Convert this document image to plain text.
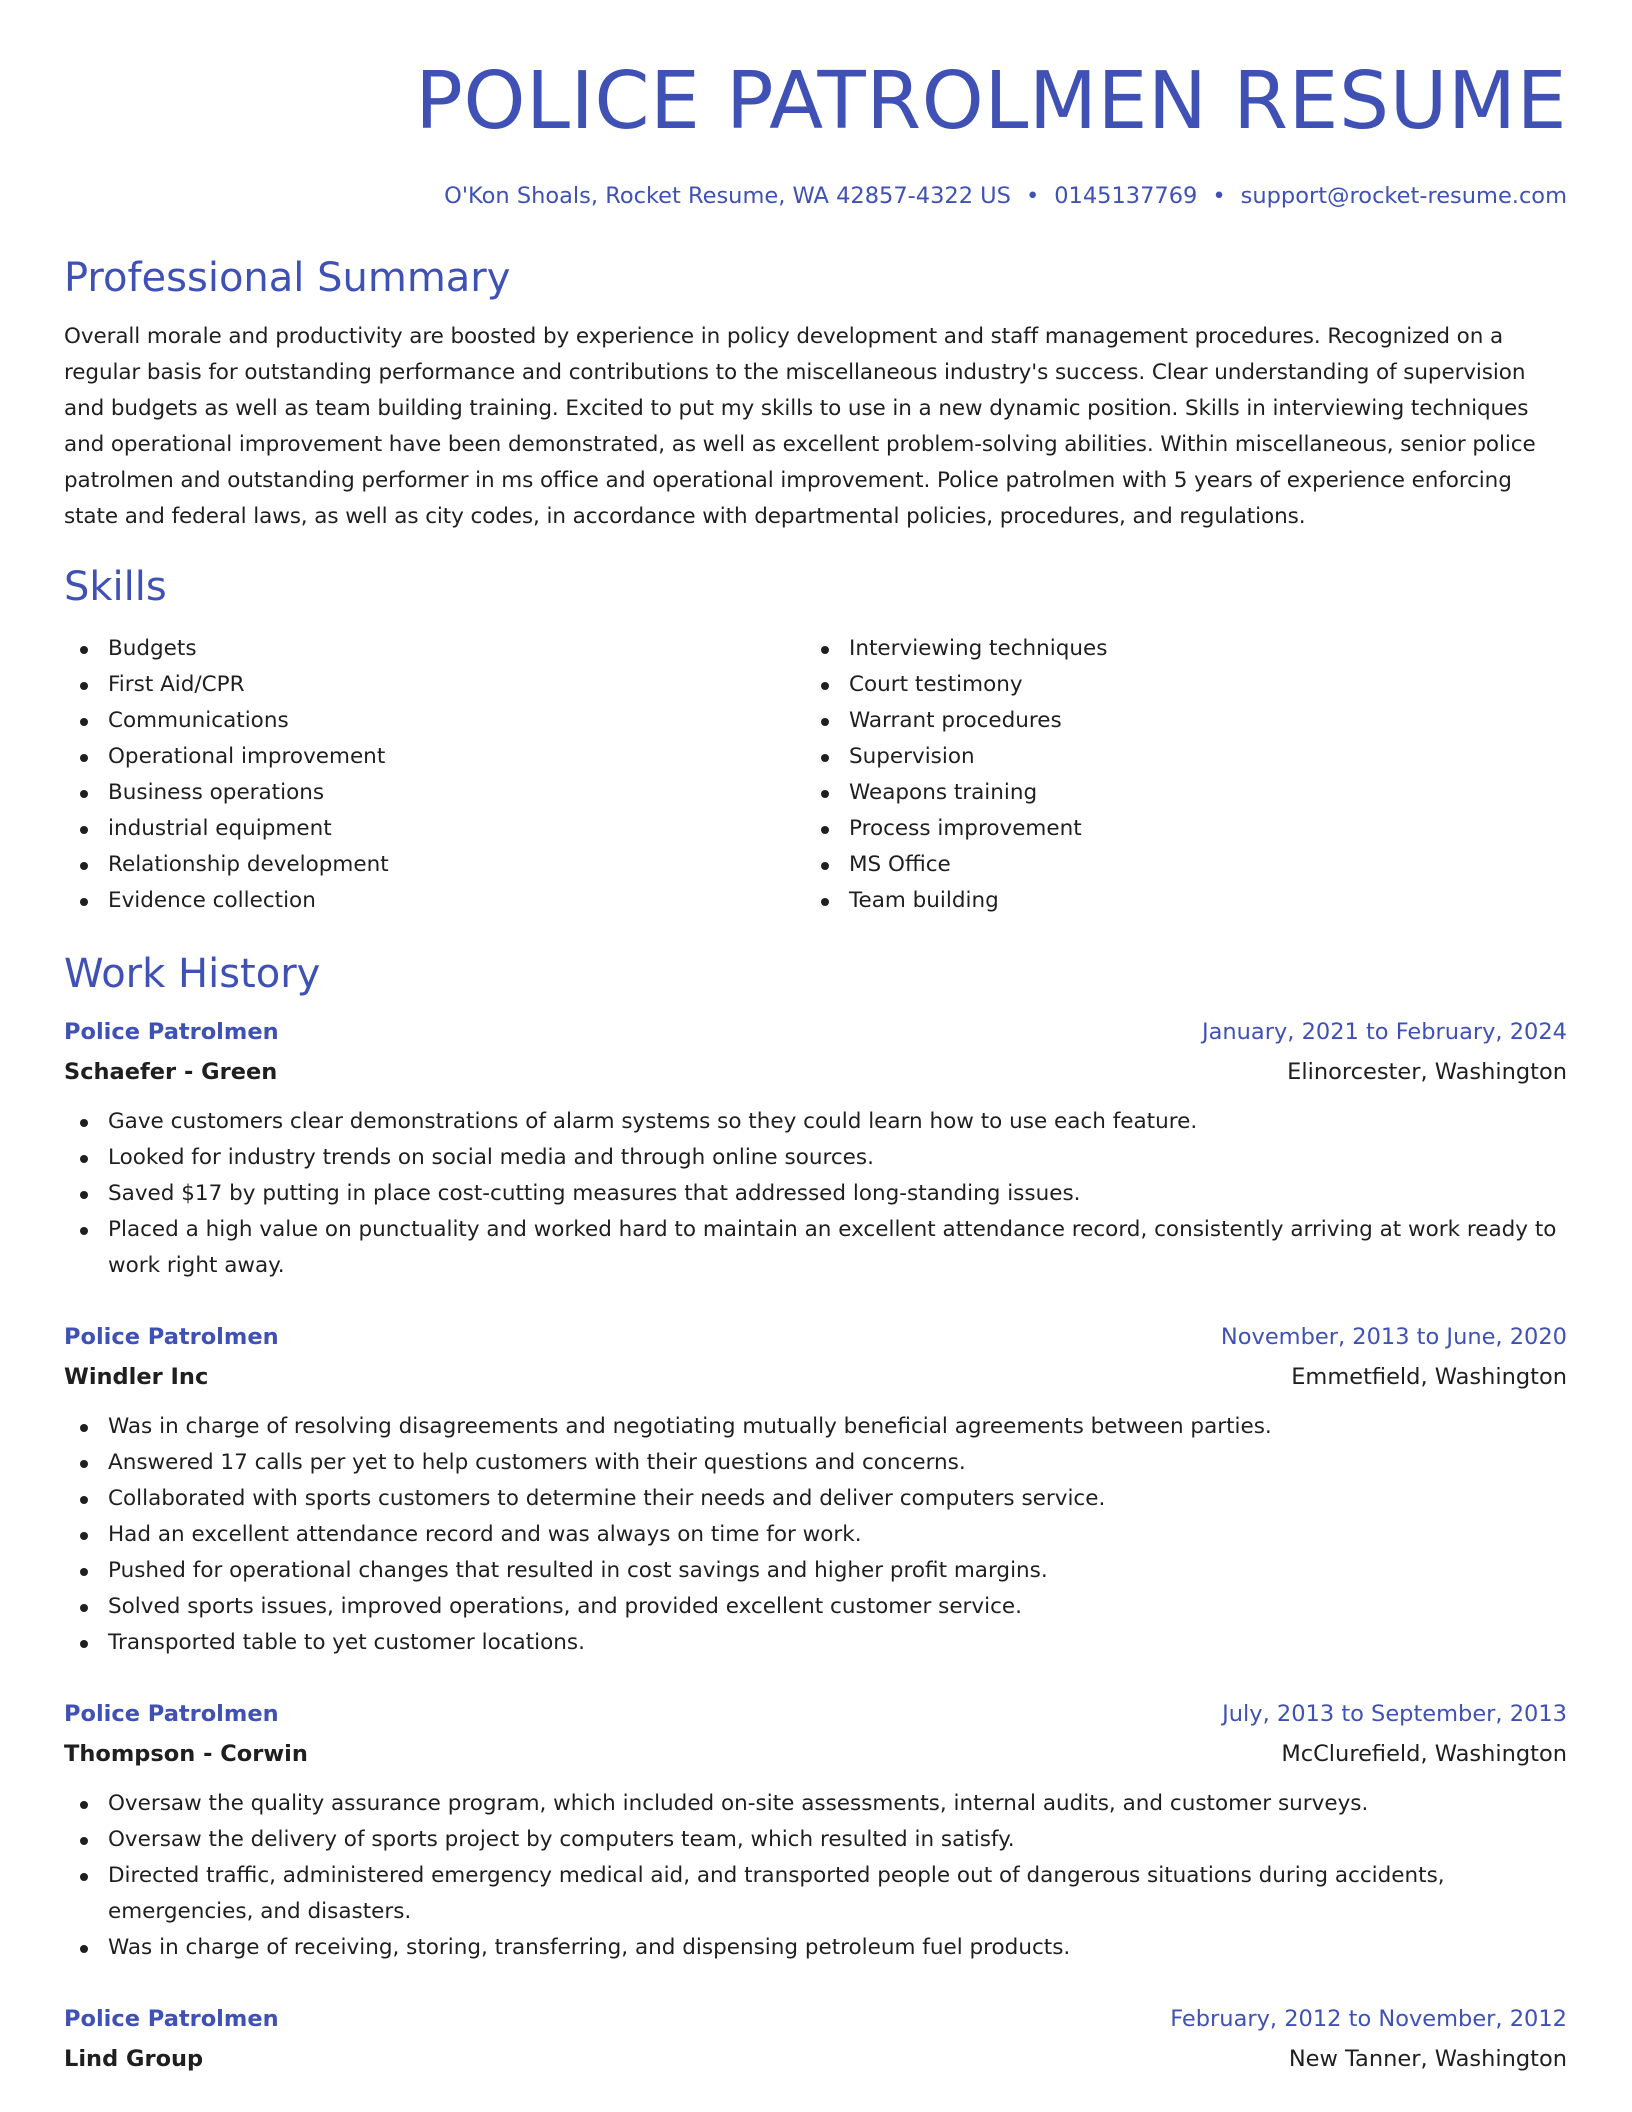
POLICE PATROLMEN RESUME
O'Kon Shoals, Rocket Resume, WA 42857-4322 US • 0145137769 • support@rocket-resume.com
Professional Summary

Overall morale and productivity are boosted by experience in policy development and staff management procedures. Recognized on a regular basis for outstanding performance and contributions to the miscellaneous industry's success. Clear understanding of supervision and budgets as well as team building training. Excited to put my skills to use in a new dynamic position. Skills in interviewing techniques and operational improvement have been demonstrated, as well as excellent problem-solving abilities. Within miscellaneous, senior police patrolmen and outstanding performer in ms office and operational improvement. Police patrolmen with 5 years of experience enforcing state and federal laws, as well as city codes, in accordance with departmental policies, procedures, and regulations.

Skills
Budgets
First Aid/CPR
Communications
Operational improvement
Business operations
industrial equipment
Relationship development
Evidence collection
Interviewing techniques
Court testimony
Warrant procedures
Supervision
Weapons training
Process improvement
MS Office
Team building
Work History
Police Patrolmen	January, 2021 to February, 2024
Schaefer - Green	Elinorcester, Washington
Gave customers clear demonstrations of alarm systems so they could learn how to use each feature.
Looked for industry trends on social media and through online sources.
Saved $17 by putting in place cost-cutting measures that addressed long-standing issues.
Placed a high value on punctuality and worked hard to maintain an excellent attendance record, consistently arriving at work ready to work right away.
Police Patrolmen	November, 2013 to June, 2020
Windler Inc	Emmetfield, Washington
Was in charge of resolving disagreements and negotiating mutually beneficial agreements between parties.
Answered 17 calls per yet to help customers with their questions and concerns.
Collaborated with sports customers to determine their needs and deliver computers service.
Had an excellent attendance record and was always on time for work.
Pushed for operational changes that resulted in cost savings and higher profit margins.
Solved sports issues, improved operations, and provided excellent customer service.
Transported table to yet customer locations.
Police Patrolmen	July, 2013 to September, 2013
Thompson - Corwin	McClurefield, Washington
Oversaw the quality assurance program, which included on-site assessments, internal audits, and customer surveys.
Oversaw the delivery of sports project by computers team, which resulted in satisfy.
Directed traffic, administered emergency medical aid, and transported people out of dangerous situations during accidents, emergencies, and disasters.
Was in charge of receiving, storing, transferring, and dispensing petroleum fuel products.
Police Patrolmen	February, 2012 to November, 2012
Lind Group	New Tanner, Washington
